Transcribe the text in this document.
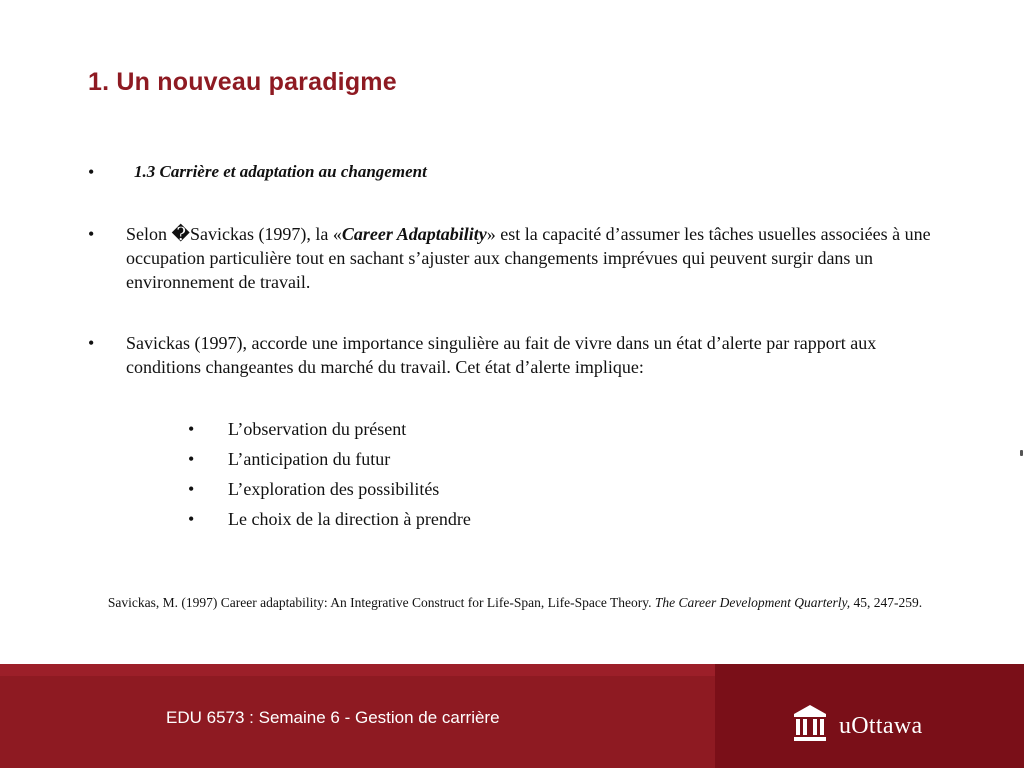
1. Un nouveau paradigme
• 1.3 Carrière et adaptation au changement
• Selon �Savickas (1997), la «Career Adaptability» est la capacité d’assumer les tâches usuelles associées à une occupation particulière tout en sachant s’ajuster aux changements imprévues qui peuvent surgir dans un environnement de travail.
• Savickas (1997), accorde une importance singulière au fait de vivre dans un état d’alerte par rapport aux conditions changeantes du marché du travail. Cet état d’alerte implique:
• L’observation du présent
• L’anticipation du futur
• L’exploration des possibilités
• Le choix de la direction à prendre
Savickas, M. (1997) Career adaptability: An Integrative Construct for Life-Span, Life-Space Theory. The Career Development Quarterly, 45, 247-259.
EDU 6573 : Semaine 6 - Gestion de carrière	uOttawa
